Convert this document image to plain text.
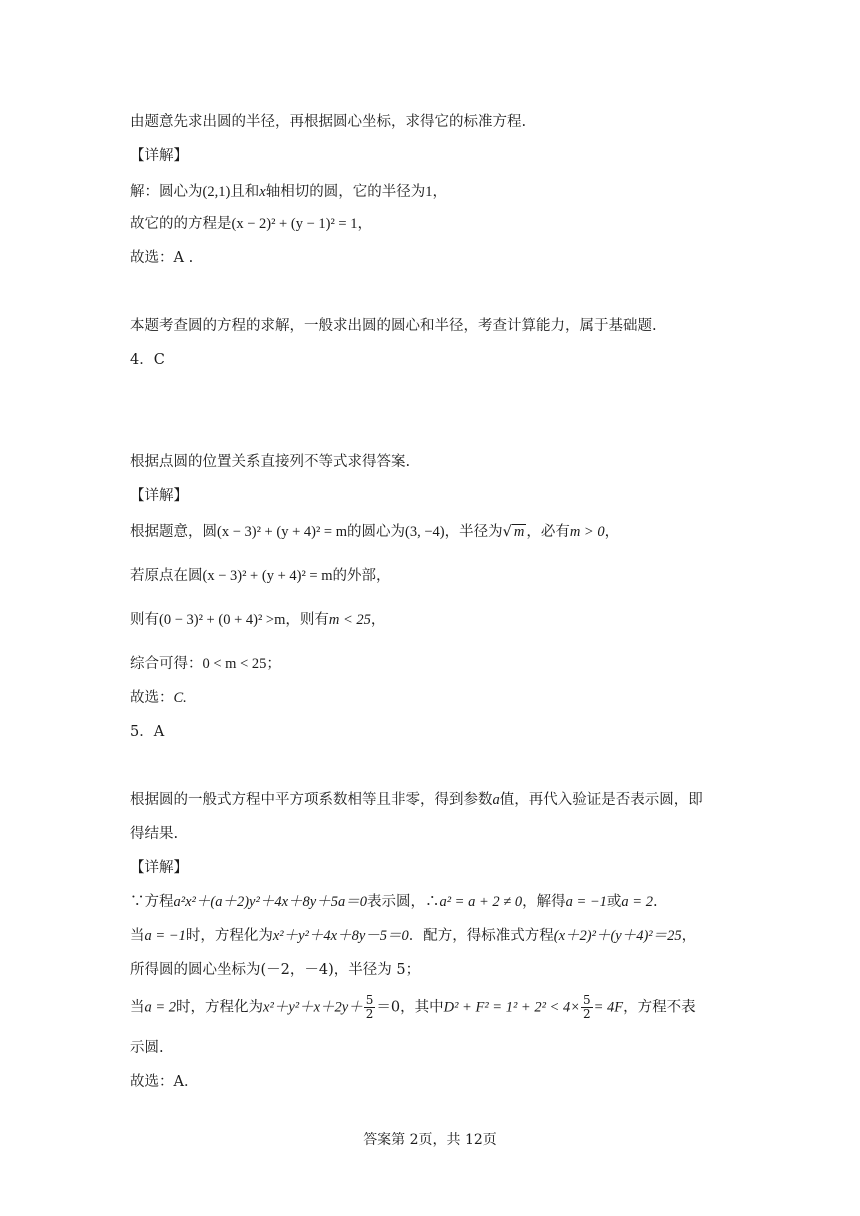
由题意先求出圆的半径，再根据圆心坐标，求得它的标准方程.
【详解】
解：圆心为(2,1)且和x轴相切的圆，它的半径为1，
故它的的方程是(x − 2)² + (y − 1)² = 1，
故选：A .
本题考查圆的方程的求解，一般求出圆的圆心和半径，考查计算能力，属于基础题.
4．C
根据点圆的位置关系直接列不等式求得答案.
【详解】
根据题意，圆(x − 3)² + (y + 4)² = m的圆心为(3, −4)，半径为√ m ，必有m > 0，
若原点在圆(x − 3)² + (y + 4)² = m的外部，
则有(0 − 3)² + (0 + 4)² >m，则有m < 25，
综合可得：0 < m < 25；
故选：C.
5．A
根据圆的一般式方程中平方项系数相等且非零，得到参数a值，再代入验证是否表示圆，即
得结果.
【详解】
∵方程a²x²＋(a＋2)y²＋4x＋8y＋5a＝0表示圆，∴a² = a + 2 ≠ 0，解得a = −1或a = 2.
当a = −1时，方程化为x²＋y²＋4x＋8y－5＝0．配方，得标准式方程(x＋2)²＋(y＋4)²＝25，
所得圆的圆心坐标为(－2，－4)，半径为 5；
当a = 2时，方程化为$x^2+y^2+x+2y+ \frac{5}{2} =0$，其中$D^2 + F^2 = 1^2 + 2^2 < 4\times \frac{5}{2} = 4F$，方程不表
示圆.
故选：A．
答案第 2页，共 12页
